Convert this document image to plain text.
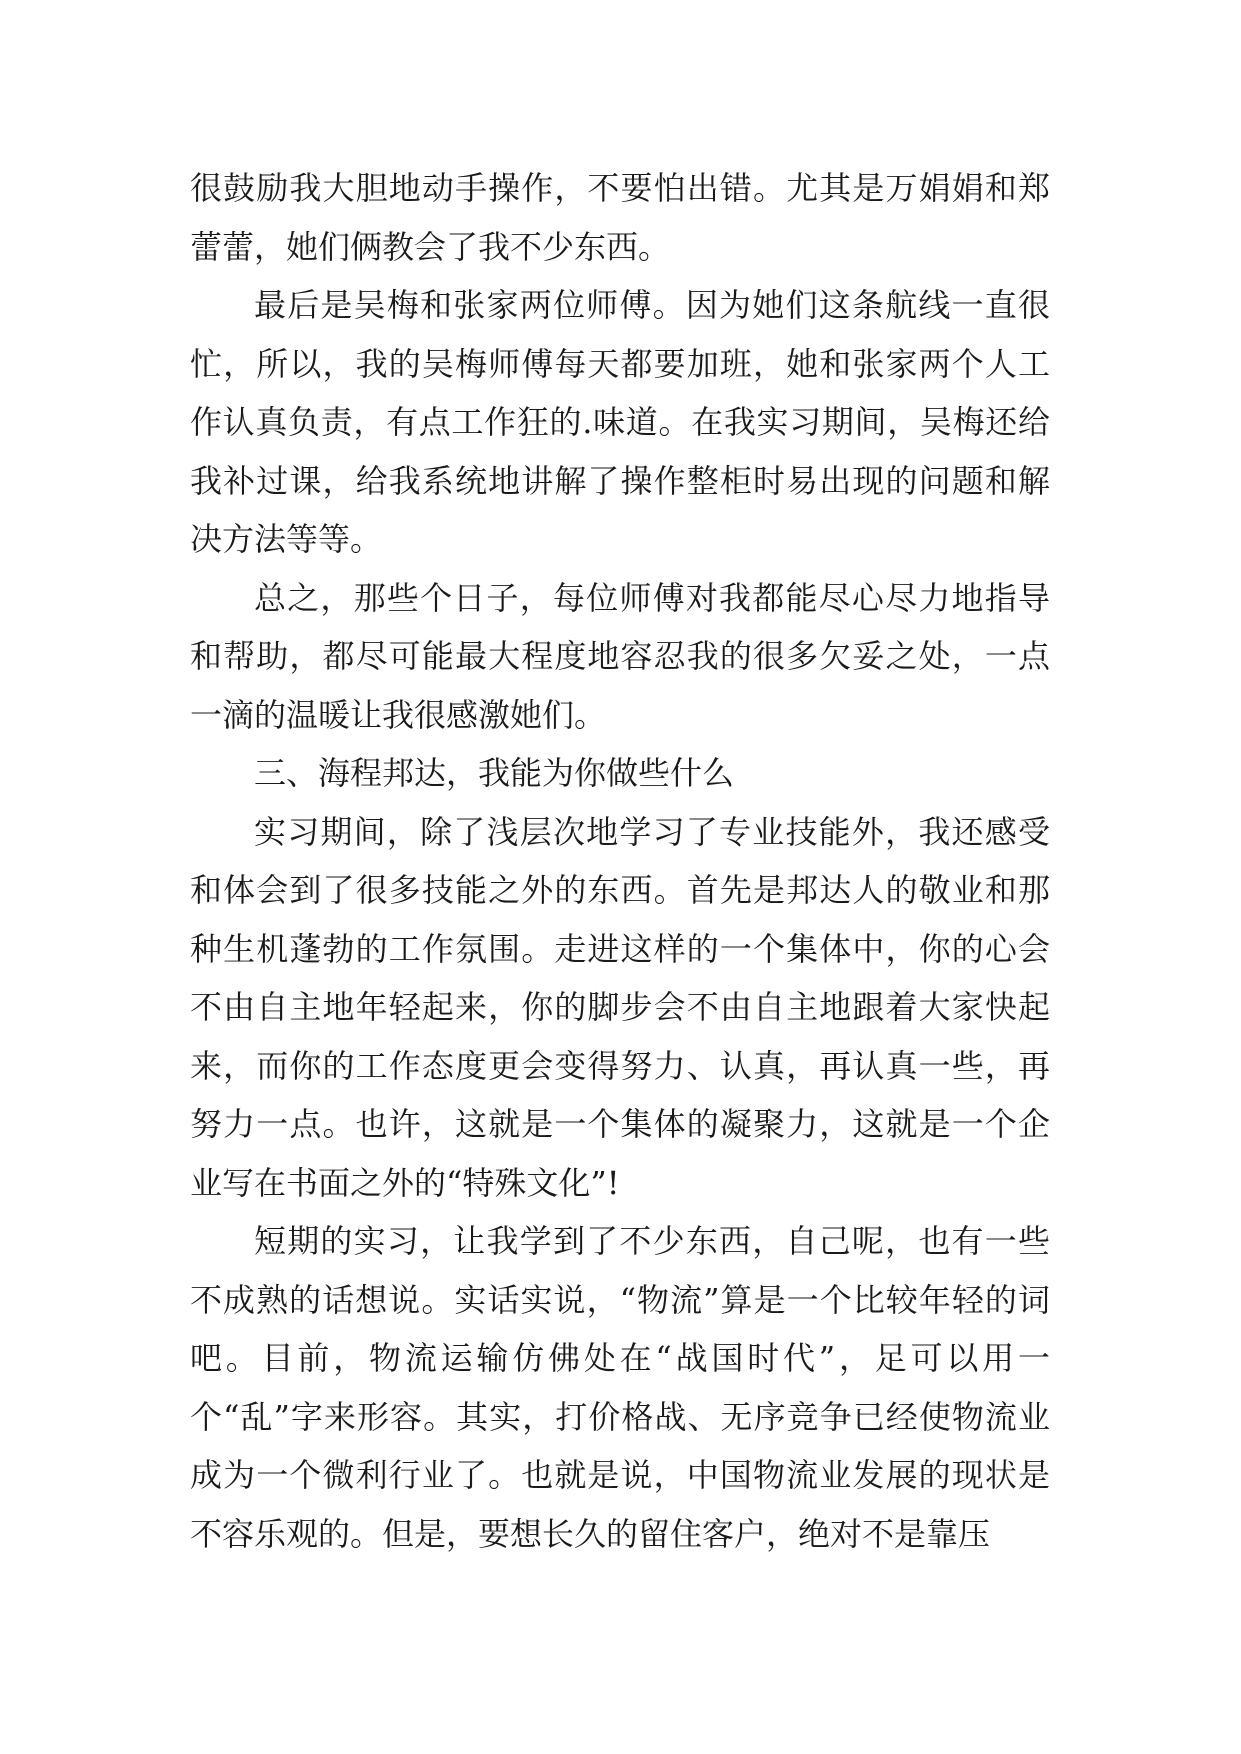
很鼓励我大胆地动手操作，不要怕出错。尤其是万娟娟和郑蕾蕾，她们俩教会了我不少东西。

最后是吴梅和张家两位师傅。因为她们这条航线一直很忙，所以，我的吴梅师傅每天都要加班，她和张家两个人工作认真负责，有点工作狂的.味道。在我实习期间，吴梅还给我补过课，给我系统地讲解了操作整柜时易出现的问题和解决方法等等。

总之，那些个日子，每位师傅对我都能尽心尽力地指导和帮助，都尽可能最大程度地容忍我的很多欠妥之处，一点一滴的温暖让我很感激她们。

三、海程邦达，我能为你做些什么

实习期间，除了浅层次地学习了专业技能外，我还感受和体会到了很多技能之外的东西。首先是邦达人的敬业和那种生机蓬勃的工作氛围。走进这样的一个集体中，你的心会不由自主地年轻起来，你的脚步会不由自主地跟着大家快起来，而你的工作态度更会变得努力、认真，再认真一些，再努力一点。也许，这就是一个集体的凝聚力，这就是一个企业写在书面之外的“特殊文化”!

短期的实习，让我学到了不少东西，自己呢，也有一些不成熟的话想说。实话实说，“物流”算是一个比较年轻的词吧。目前，物流运输仿佛处在“战国时代”，足可以用一个“乱”字来形容。其实，打价格战、无序竞争已经使物流业成为一个微利行业了。也就是说，中国物流业发展的现状是不容乐观的。但是，要想长久的留住客户，绝对不是靠压
